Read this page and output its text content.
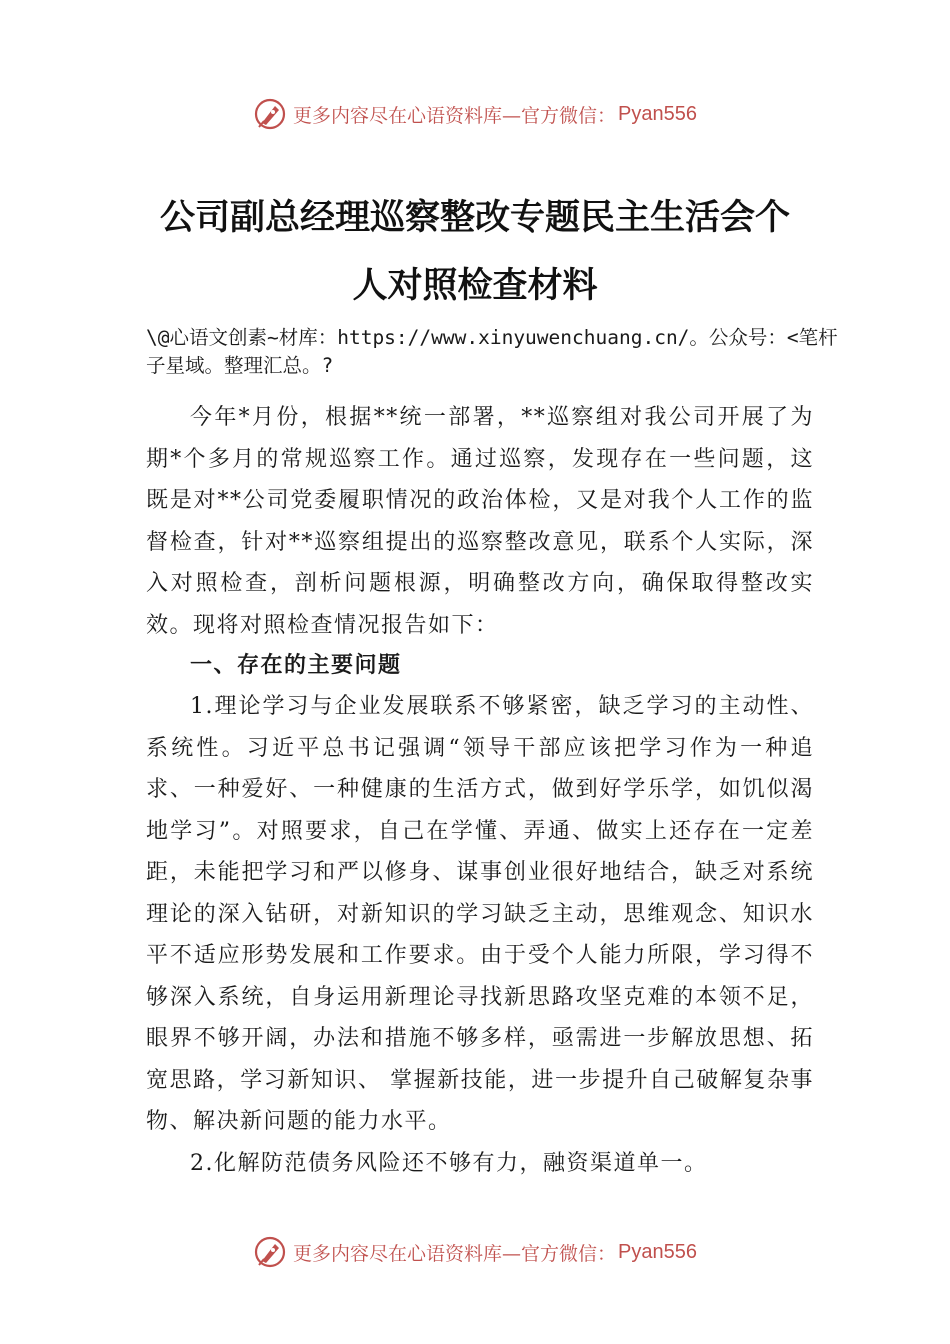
更多内容尽在心语资料库—官方微信： Pyan556
公司副总经理巡察整改专题民主生活会个
人对照检查材料
\@心语文创素~材库：https://www.xinyuwenchuang.cn/。公众号：<笔杆子星域。整理汇总。?

今年*月份，根据**统一部署，**巡察组对我公司开展了为期*个多月的常规巡察工作。通过巡察，发现存在一些问题，这既是对**公司党委履职情况的政治体检，又是对我个人工作的监督检查，针对**巡察组提出的巡察整改意见，联系个人实际，深入对照检查，剖析问题根源，明确整改方向，确保取得整改实效。现将对照检查情况报告如下：

一、存在的主要问题

1.理论学习与企业发展联系不够紧密，缺乏学习的主动性、系统性。习近平总书记强调“领导干部应该把学习作为一种追求、一种爱好、一种健康的生活方式，做到好学乐学，如饥似渴地学习”。对照要求，自己在学懂、弄通、做实上还存在一定差距，未能把学习和严以修身、谋事创业很好地结合，缺乏对系统理论的深入钻研，对新知识的学习缺乏主动，思维观念、知识水平不适应形势发展和工作要求。由于受个人能力所限，学习得不够深入系统，自身运用新理论寻找新思路攻坚克难的本领不足，眼界不够开阔，办法和措施不够多样，亟需进一步解放思想、拓宽思路，学习新知识、 掌握新技能，进一步提升自己破解复杂事物、解决新问题的能力水平。

2.化解防范债务风险还不够有力，融资渠道单一。

更多内容尽在心语资料库—官方微信： Pyan556
